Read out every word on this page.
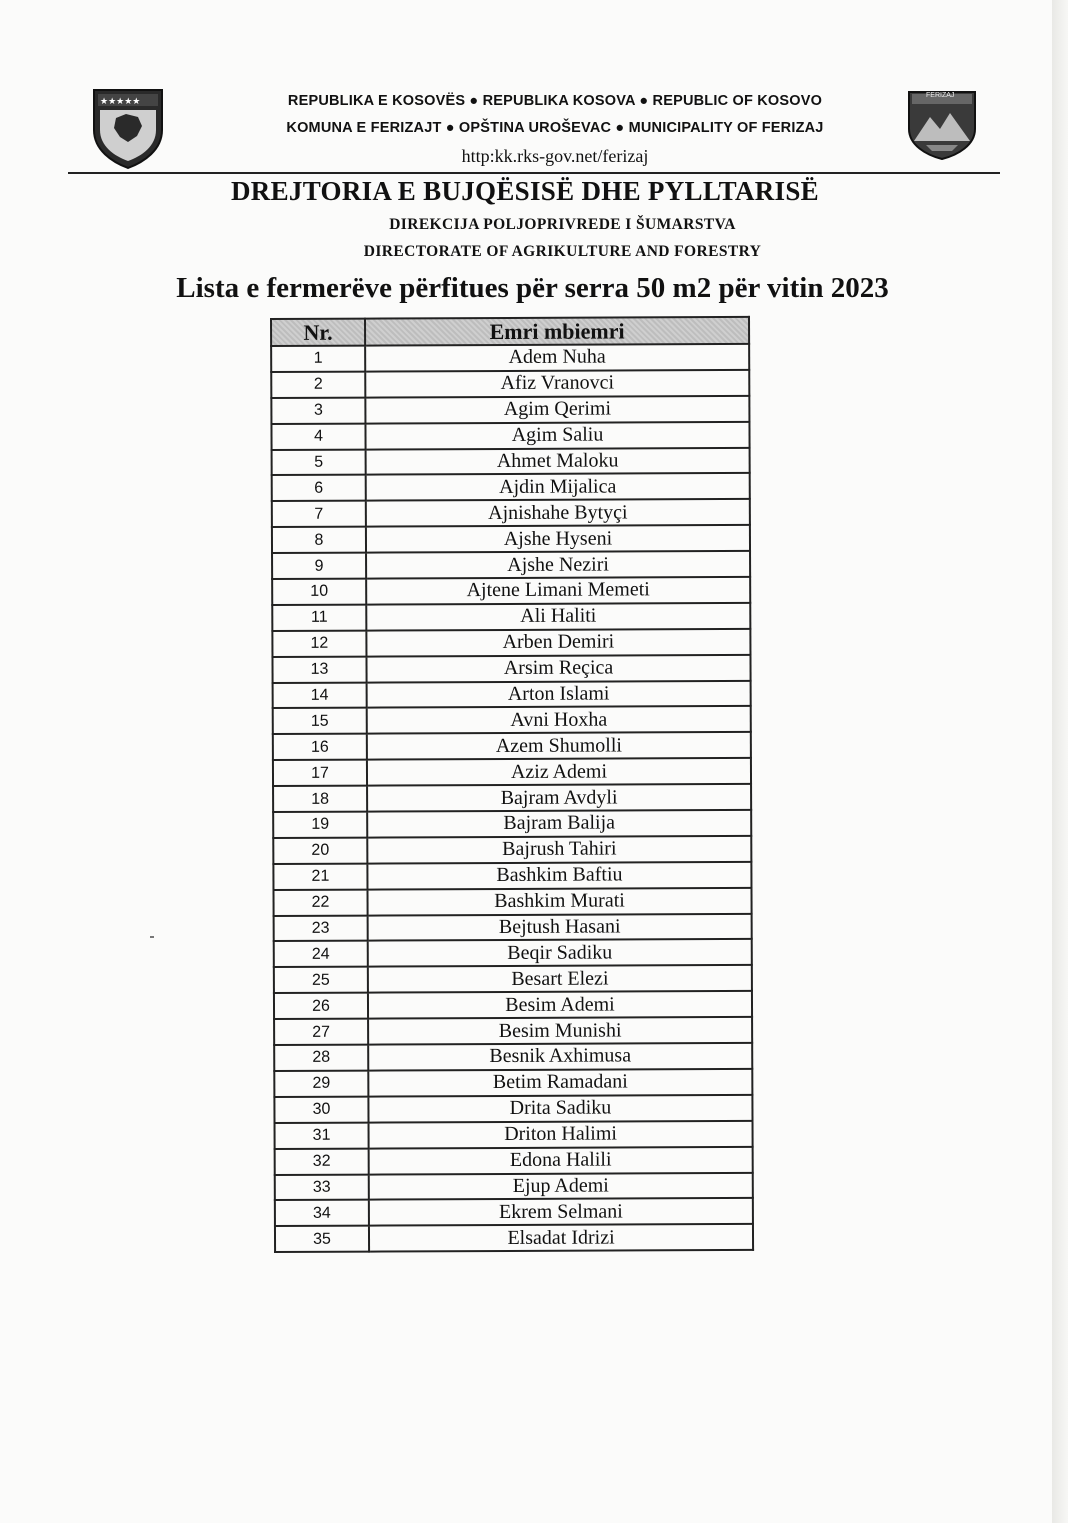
★★★★★
FERIZAJ
REPUBLIKA E KOSOVËS ● REPUBLIKA KOSOVA ● REPUBLIC OF KOSOVO
KOMUNA E FERIZAJT ● OPŠTINA UROŠEVAC ● MUNICIPALITY OF FERIZAJ
http:kk.rks-gov.net/ferizaj
DREJTORIA E BUJQËSISË DHE PYLLTARISË
DIREKCIJA POLJOPRIVREDE I ŠUMARSTVA
DIRECTORATE OF AGRIKULTURE AND FORESTRY
Lista e fermerëve përfitues për serra 50 m2 për vitin 2023
Nr.	Emri mbiemri
1	Adem Nuha
2	Afiz Vranovci
3	Agim Qerimi
4	Agim Saliu
5	Ahmet Maloku
6	Ajdin Mijalica
7	Ajnishahe Bytyçi
8	Ajshe Hyseni
9	Ajshe Neziri
10	Ajtene Limani Memeti
11	Ali Haliti
12	Arben Demiri
13	Arsim Reçica
14	Arton Islami
15	Avni Hoxha
16	Azem Shumolli
17	Aziz Ademi
18	Bajram Avdyli
19	Bajram Balija
20	Bajrush Tahiri
21	Bashkim Baftiu
22	Bashkim Murati
23	Bejtush Hasani
24	Beqir Sadiku
25	Besart Elezi
26	Besim Ademi
27	Besim Munishi
28	Besnik Axhimusa
29	Betim Ramadani
30	Drita Sadiku
31	Driton Halimi
32	Edona Halili
33	Ejup Ademi
34	Ekrem Selmani
35	Elsadat Idrizi
